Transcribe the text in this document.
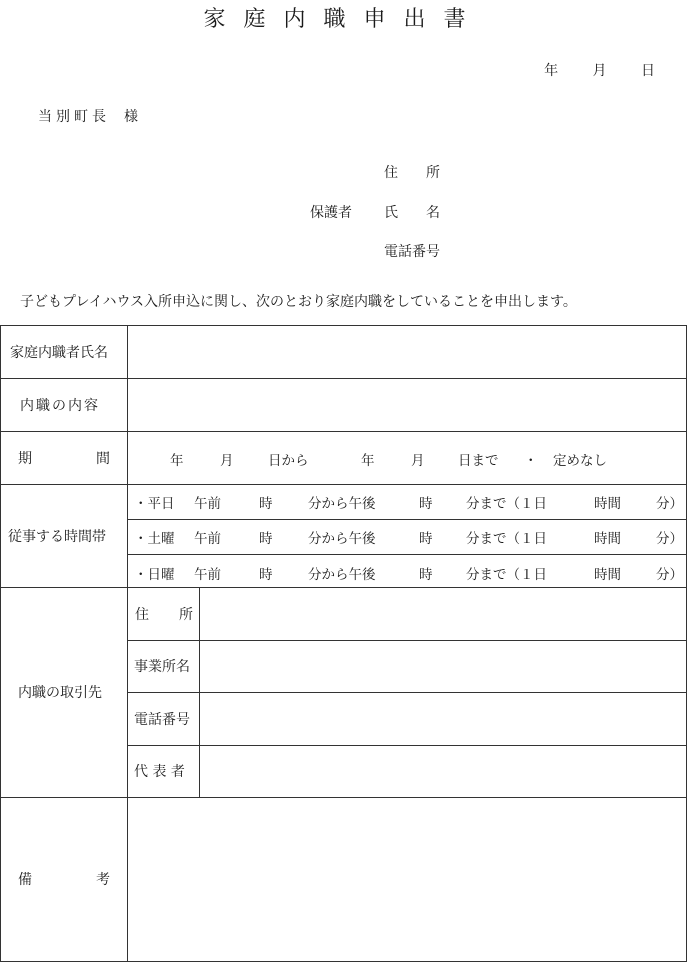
家庭内職申出書
年 月 日
当別町長 様
保護者
住　　所
氏　　名
電話番号
子どもプレイハウス入所申込に関し、次のとおり家庭内職をしていることを申出します。
家庭内職者氏名
内職の内容
期	間	年	月	日から	年	月 日まで ・ 定めなし
従事する時間帯
・平日 午前	時	分から午後	時 分まで（１日	時間	分）
・土曜 午前	時	分から午後	時 分まで（１日	時間	分）
・日曜 午前	時	分から午後	時 分まで（１日	時間	分）
内職の取引先
住 所
事業所名
電話番号
代 表 者
備	考
